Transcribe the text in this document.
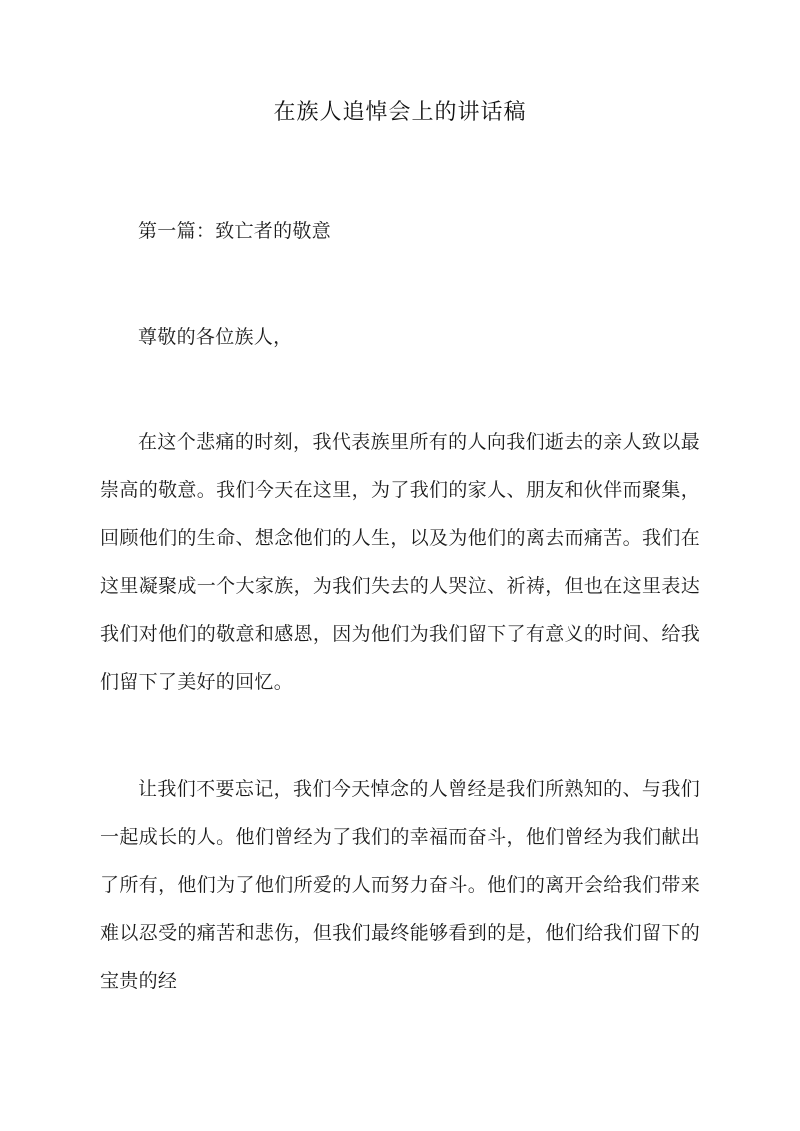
在族人追悼会上的讲话稿
第一篇：致亡者的敬意
尊敬的各位族人，
在这个悲痛的时刻，我代表族里所有的人向我们逝去的亲人致以最崇高的敬意。我们今天在这里，为了我们的家人、朋友和伙伴而聚集，回顾他们的生命、想念他们的人生，以及为他们的离去而痛苦。我们在这里凝聚成一个大家族，为我们失去的人哭泣、祈祷，但也在这里表达我们对他们的敬意和感恩，因为他们为我们留下了有意义的时间、给我们留下了美好的回忆。
让我们不要忘记，我们今天悼念的人曾经是我们所熟知的、与我们一起成长的人。他们曾经为了我们的幸福而奋斗，他们曾经为我们献出了所有，他们为了他们所爱的人而努力奋斗。他们的离开会给我们带来难以忍受的痛苦和悲伤，但我们最终能够看到的是，他们给我们留下的宝贵的经
